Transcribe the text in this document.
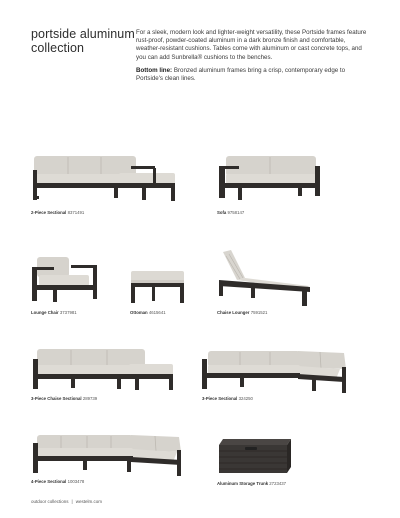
portside aluminum
collection

For a sleek, modern look and lighter-weight versatility, these Portside frames feature rust-proof, powder-coated aluminum in a dark bronze finish and comfortable, weather-resistant cushions. Tables come with aluminum or cast concrete tops, and you can add Sunbrella® cushions to the benches.

Bottom line: Bronzed aluminum frames bring a crisp, contemporary edge to Portside's clean lines.

2-Piece Sectional 8371491	Sofa 9758147
Lounge Chair 3737981	Ottoman 4615641	Chaise Lounger 7591521
3-Piece Chaise Sectional 289739	3-Piece Sectional 324250
4-Piece Sectional 1003478	Aluminum Storage Trunk 2723437
outdoor collections | westelm.com
